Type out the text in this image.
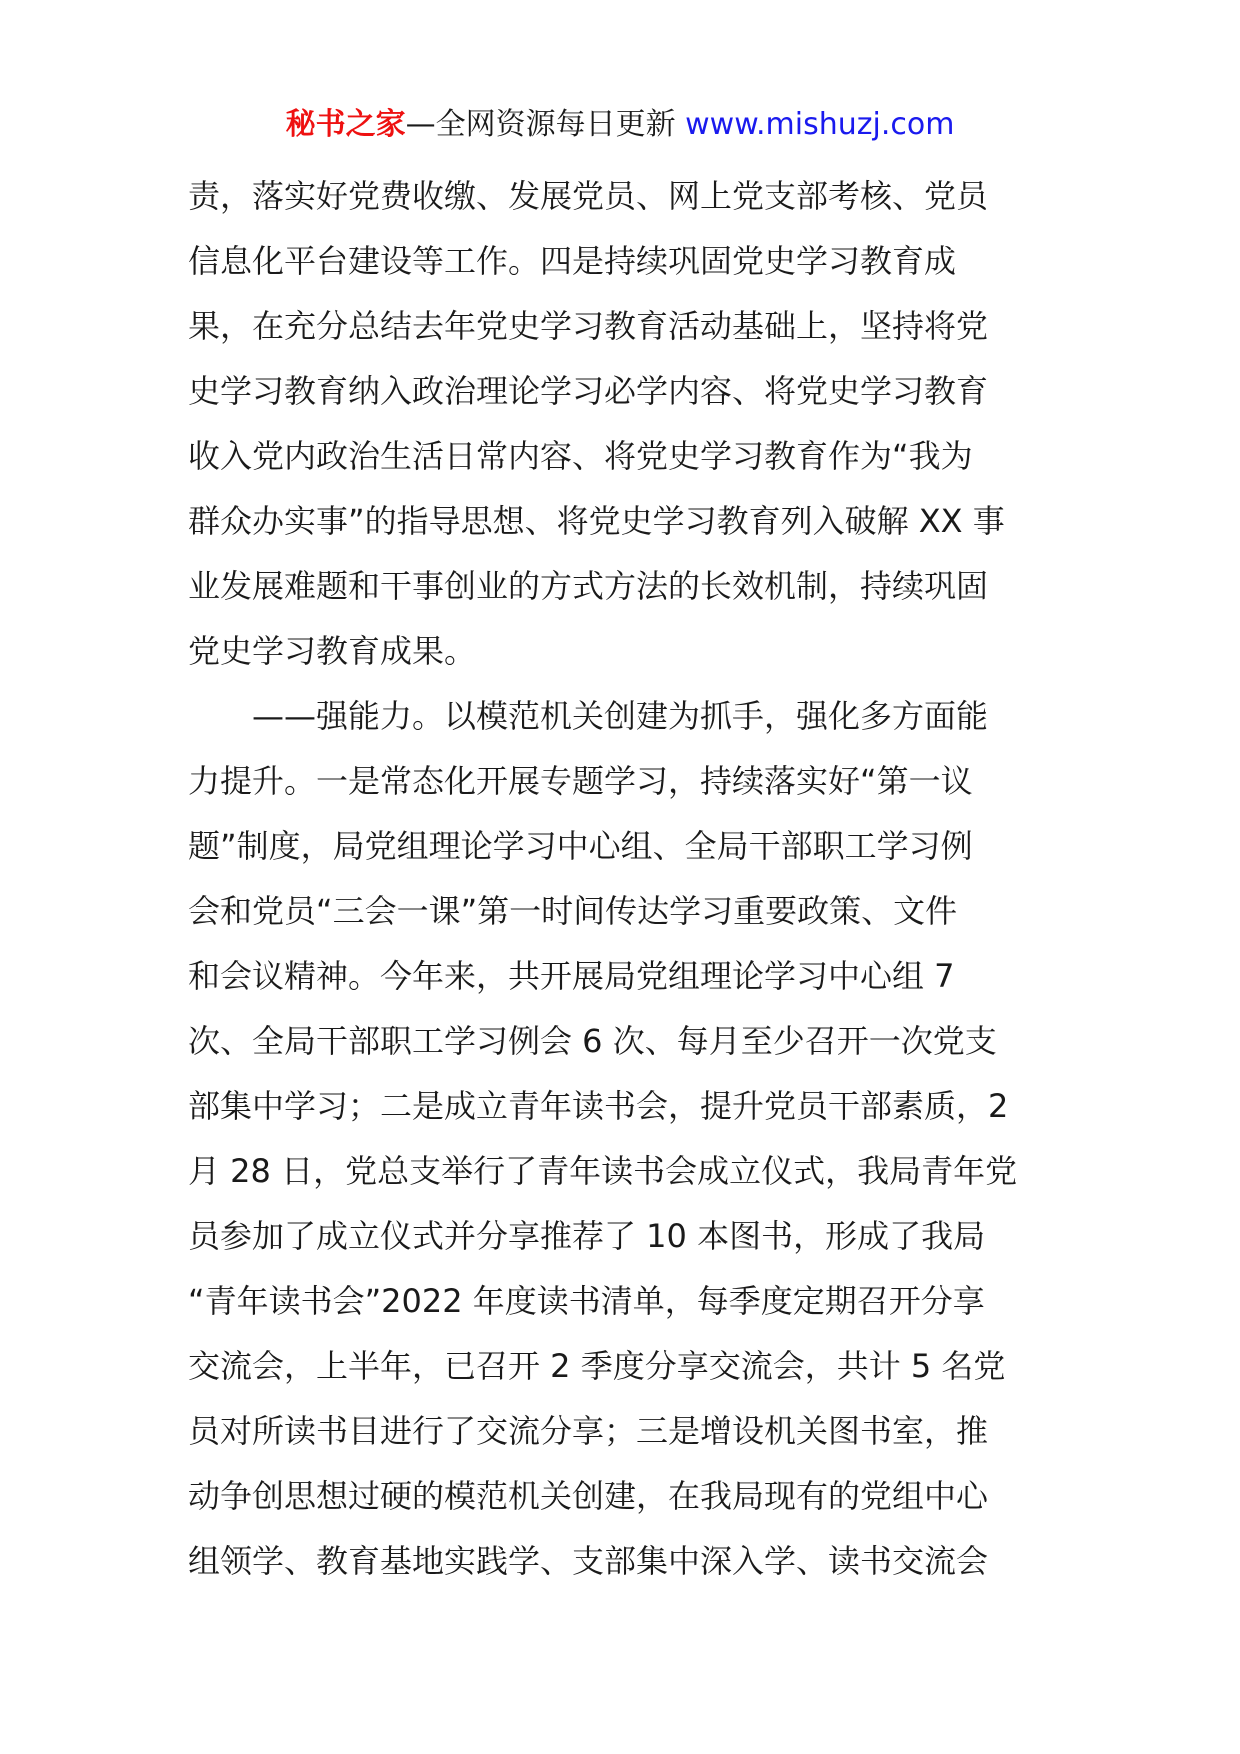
秘书之家—全网资源每日更新 www.mishuzj.com
责，落实好党费收缴、发展党员、网上党支部考核、党员
信息化平台建设等工作。四是持续巩固党史学习教育成
果，在充分总结去年党史学习教育活动基础上，坚持将党
史学习教育纳入政治理论学习必学内容、将党史学习教育
收入党内政治生活日常内容、将党史学习教育作为“我为
群众办实事”的指导思想、将党史学习教育列入破解 XX 事
业发展难题和干事创业的方式方法的长效机制，持续巩固
党史学习教育成果。
　　——强能力。以模范机关创建为抓手，强化多方面能
力提升。一是常态化开展专题学习，持续落实好“第一议
题”制度，局党组理论学习中心组、全局干部职工学习例
会和党员“三会一课”第一时间传达学习重要政策、文件
和会议精神。今年来，共开展局党组理论学习中心组 7
次、全局干部职工学习例会 6 次、每月至少召开一次党支
部集中学习；二是成立青年读书会，提升党员干部素质，2
月 28 日，党总支举行了青年读书会成立仪式，我局青年党
员参加了成立仪式并分享推荐了 10 本图书，形成了我局
“青年读书会”2022 年度读书清单，每季度定期召开分享
交流会，上半年，已召开 2 季度分享交流会，共计 5 名党
员对所读书目进行了交流分享；三是增设机关图书室，推
动争创思想过硬的模范机关创建，在我局现有的党组中心
组领学、教育基地实践学、支部集中深入学、读书交流会
